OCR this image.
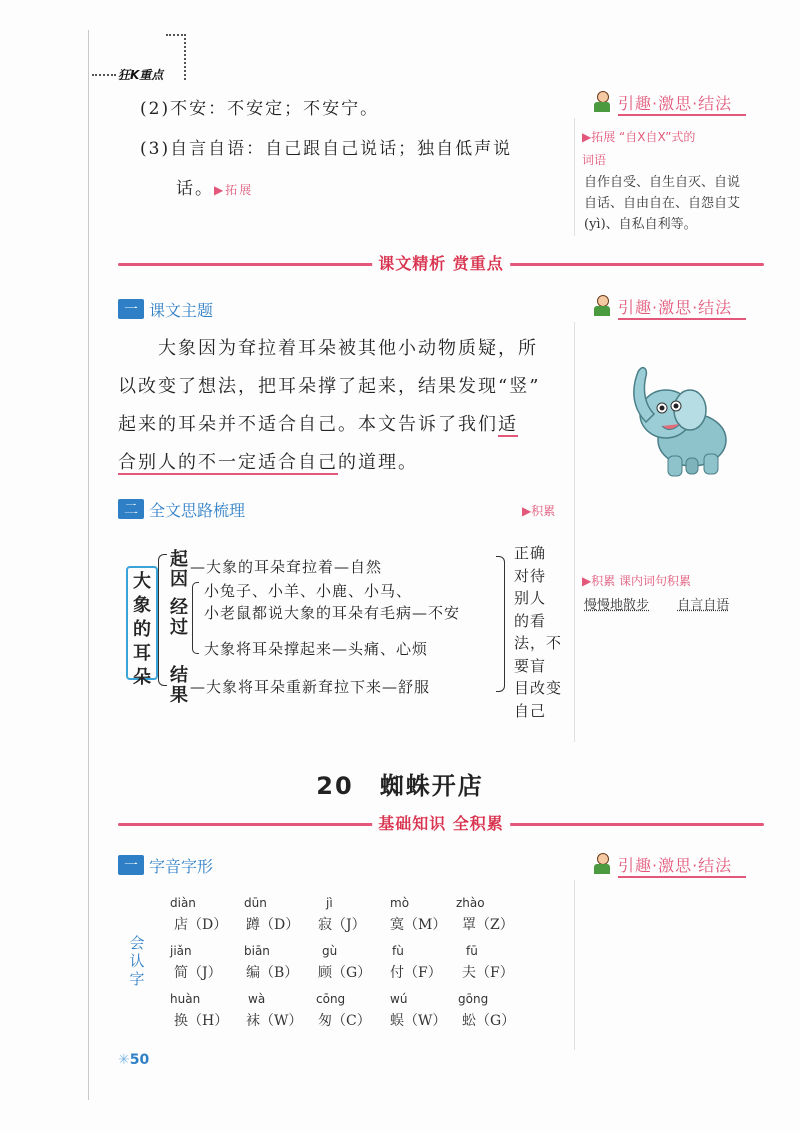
狂K重点
(2)不安：不安定；不安宁。
(3)自言自语：自己跟自己说话；独自低声说
话。▶拓展
引趣·激思·结法
▶拓展 “自X自X”式的
词语
自作自受、自生自灭、自说
自话、自由自在、自怨自艾
(yì)、自私自利等。
课文精析 赏重点
一 课文主题
大象因为耷拉着耳朵被其他小动物质疑，所
以改变了想法，把耳朵撑了起来，结果发现“竖”
起来的耳朵并不适合自己。本文告诉了我们适
合别人的不一定适合自己的道理。
引趣·激思·结法
▶积累 课内词句积累
慢慢地散步 自言自语
二 全文思路梳理	▶积累
大象的耳朵
起因
—大象的耳朵耷拉着—自然
经过
小兔子、小羊、小鹿、小马、
小老鼠都说大象的耳朵有毛病—不安
大象将耳朵撑起来—头痛、心烦
结果 —大象将耳朵重新耷拉下来—舒服
正确
对待
别人
的看
法，不
要盲
目改变
自己
20　蜘蛛开店
基础知识 全积累
一 字音字形
会认字
diàn
店（D）
dūn
蹲（D）
jì
寂（J）
mò
寞（M）
zhào
罩（Z）
jiǎn
简（J）
biān
编（B）
gù
顾（G）
fù
付（F）
fū
夫（F）
huàn
换（H）
wà
袜（W）
cōng
匆（C）
wú
蜈（W）
gōng
蚣（G）
引趣·激思·结法
✳50
